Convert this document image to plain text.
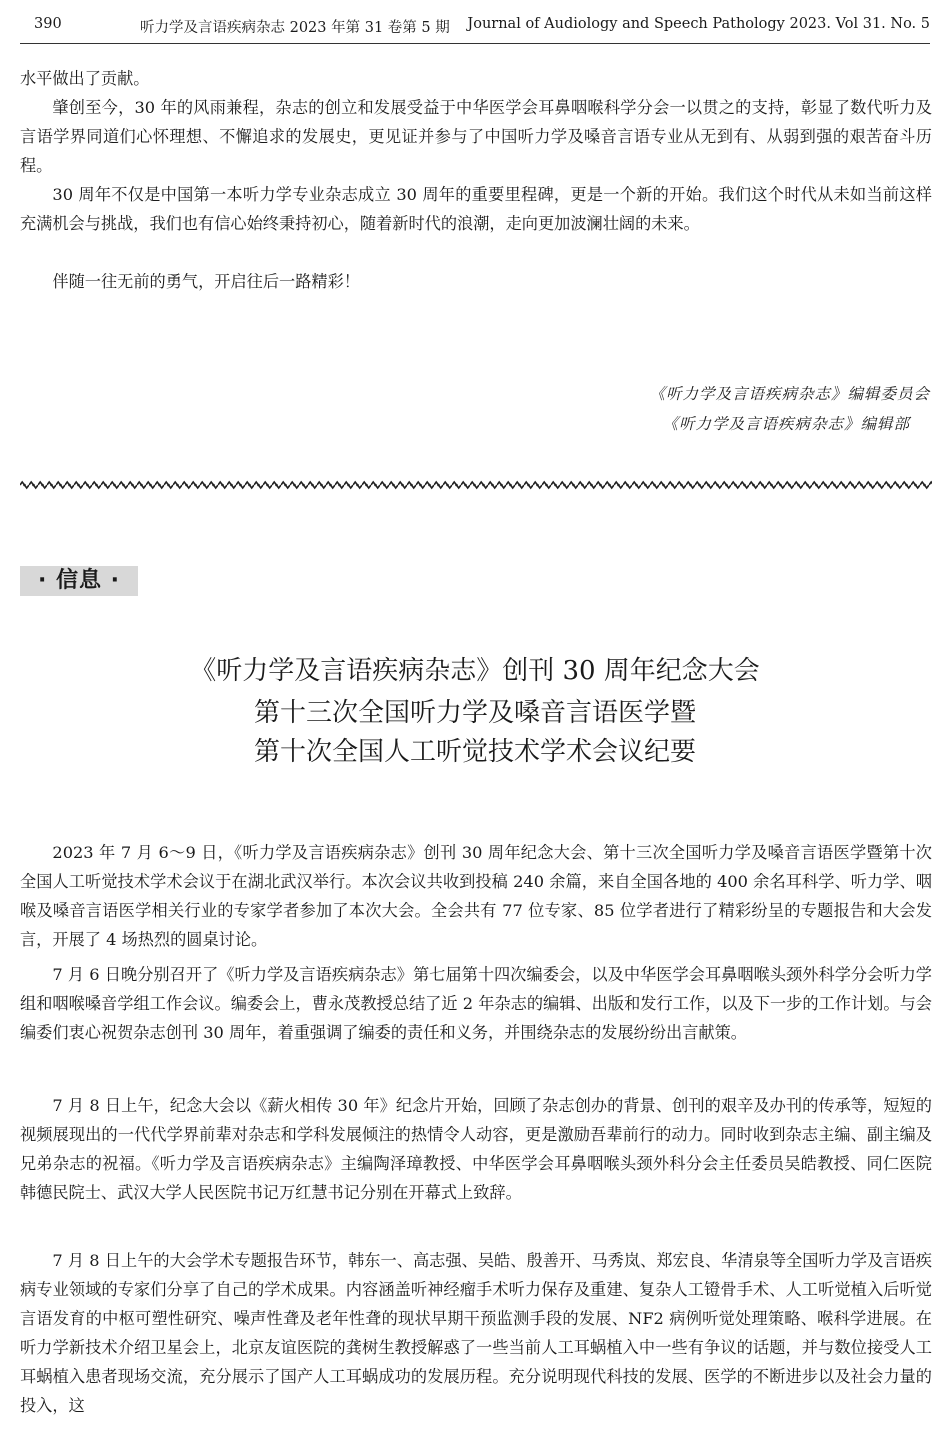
390	听力学及言语疾病杂志 2023 年第 31 卷第 5 期 Journal of Audiology and Speech Pathology 2023. Vol 31. No. 5

水平做出了贡献。

肇创至今，30 年的风雨兼程，杂志的创立和发展受益于中华医学会耳鼻咽喉科学分会一以贯之的支持，彰显了数代听力及言语学界同道们心怀理想、不懈追求的发展史，更见证并参与了中国听力学及嗓音言语专业从无到有、从弱到强的艰苦奋斗历程。

30 周年不仅是中国第一本听力学专业杂志成立 30 周年的重要里程碑，更是一个新的开始。我们这个时代从未如当前这样充满机会与挑战，我们也有信心始终秉持初心，随着新时代的浪潮，走向更加波澜壮阔的未来。

伴随一往无前的勇气，开启往后一路精彩！

《听力学及言语疾病杂志》编辑委员会
《听力学及言语疾病杂志》编辑部
· 信息 ·
《听力学及言语疾病杂志》创刊 30 周年纪念大会
第十三次全国听力学及嗓音言语医学暨
第十次全国人工听觉技术学术会议纪要

2023 年 7 月 6～9 日，《听力学及言语疾病杂志》创刊 30 周年纪念大会、第十三次全国听力学及嗓音言语医学暨第十次全国人工听觉技术学术会议于在湖北武汉举行。本次会议共收到投稿 240 余篇，来自全国各地的 400 余名耳科学、听力学、咽喉及嗓音言语医学相关行业的专家学者参加了本次大会。全会共有 77 位专家、85 位学者进行了精彩纷呈的专题报告和大会发言，开展了 4 场热烈的圆桌讨论。

7 月 6 日晚分别召开了《听力学及言语疾病杂志》第七届第十四次编委会，以及中华医学会耳鼻咽喉头颈外科学分会听力学组和咽喉嗓音学组工作会议。编委会上，曹永茂教授总结了近 2 年杂志的编辑、出版和发行工作，以及下一步的工作计划。与会编委们衷心祝贺杂志创刊 30 周年，着重强调了编委的责任和义务，并围绕杂志的发展纷纷出言献策。

7 月 8 日上午，纪念大会以《薪火相传 30 年》纪念片开始，回顾了杂志创办的背景、创刊的艰辛及办刊的传承等，短短的视频展现出的一代代学界前辈对杂志和学科发展倾注的热情令人动容，更是激励吾辈前行的动力。同时收到杂志主编、副主编及兄弟杂志的祝福。《听力学及言语疾病杂志》主编陶泽璋教授、中华医学会耳鼻咽喉头颈外科分会主任委员吴皓教授、同仁医院韩德民院士、武汉大学人民医院书记万红慧书记分别在开幕式上致辞。

7 月 8 日上午的大会学术专题报告环节，韩东一、高志强、吴皓、殷善开、马秀岚、郑宏良、华清泉等全国听力学及言语疾病专业领域的专家们分享了自己的学术成果。内容涵盖听神经瘤手术听力保存及重建、复杂人工镫骨手术、人工听觉植入后听觉言语发育的中枢可塑性研究、噪声性聋及老年性聋的现状早期干预监测手段的发展、NF2 病例听觉处理策略、喉科学进展。在听力学新技术介绍卫星会上，北京友谊医院的龚树生教授解惑了一些当前人工耳蜗植入中一些有争议的话题，并与数位接受人工耳蜗植入患者现场交流，充分展示了国产人工耳蜗成功的发展历程。充分说明现代科技的发展、医学的不断进步以及社会力量的投入，这
